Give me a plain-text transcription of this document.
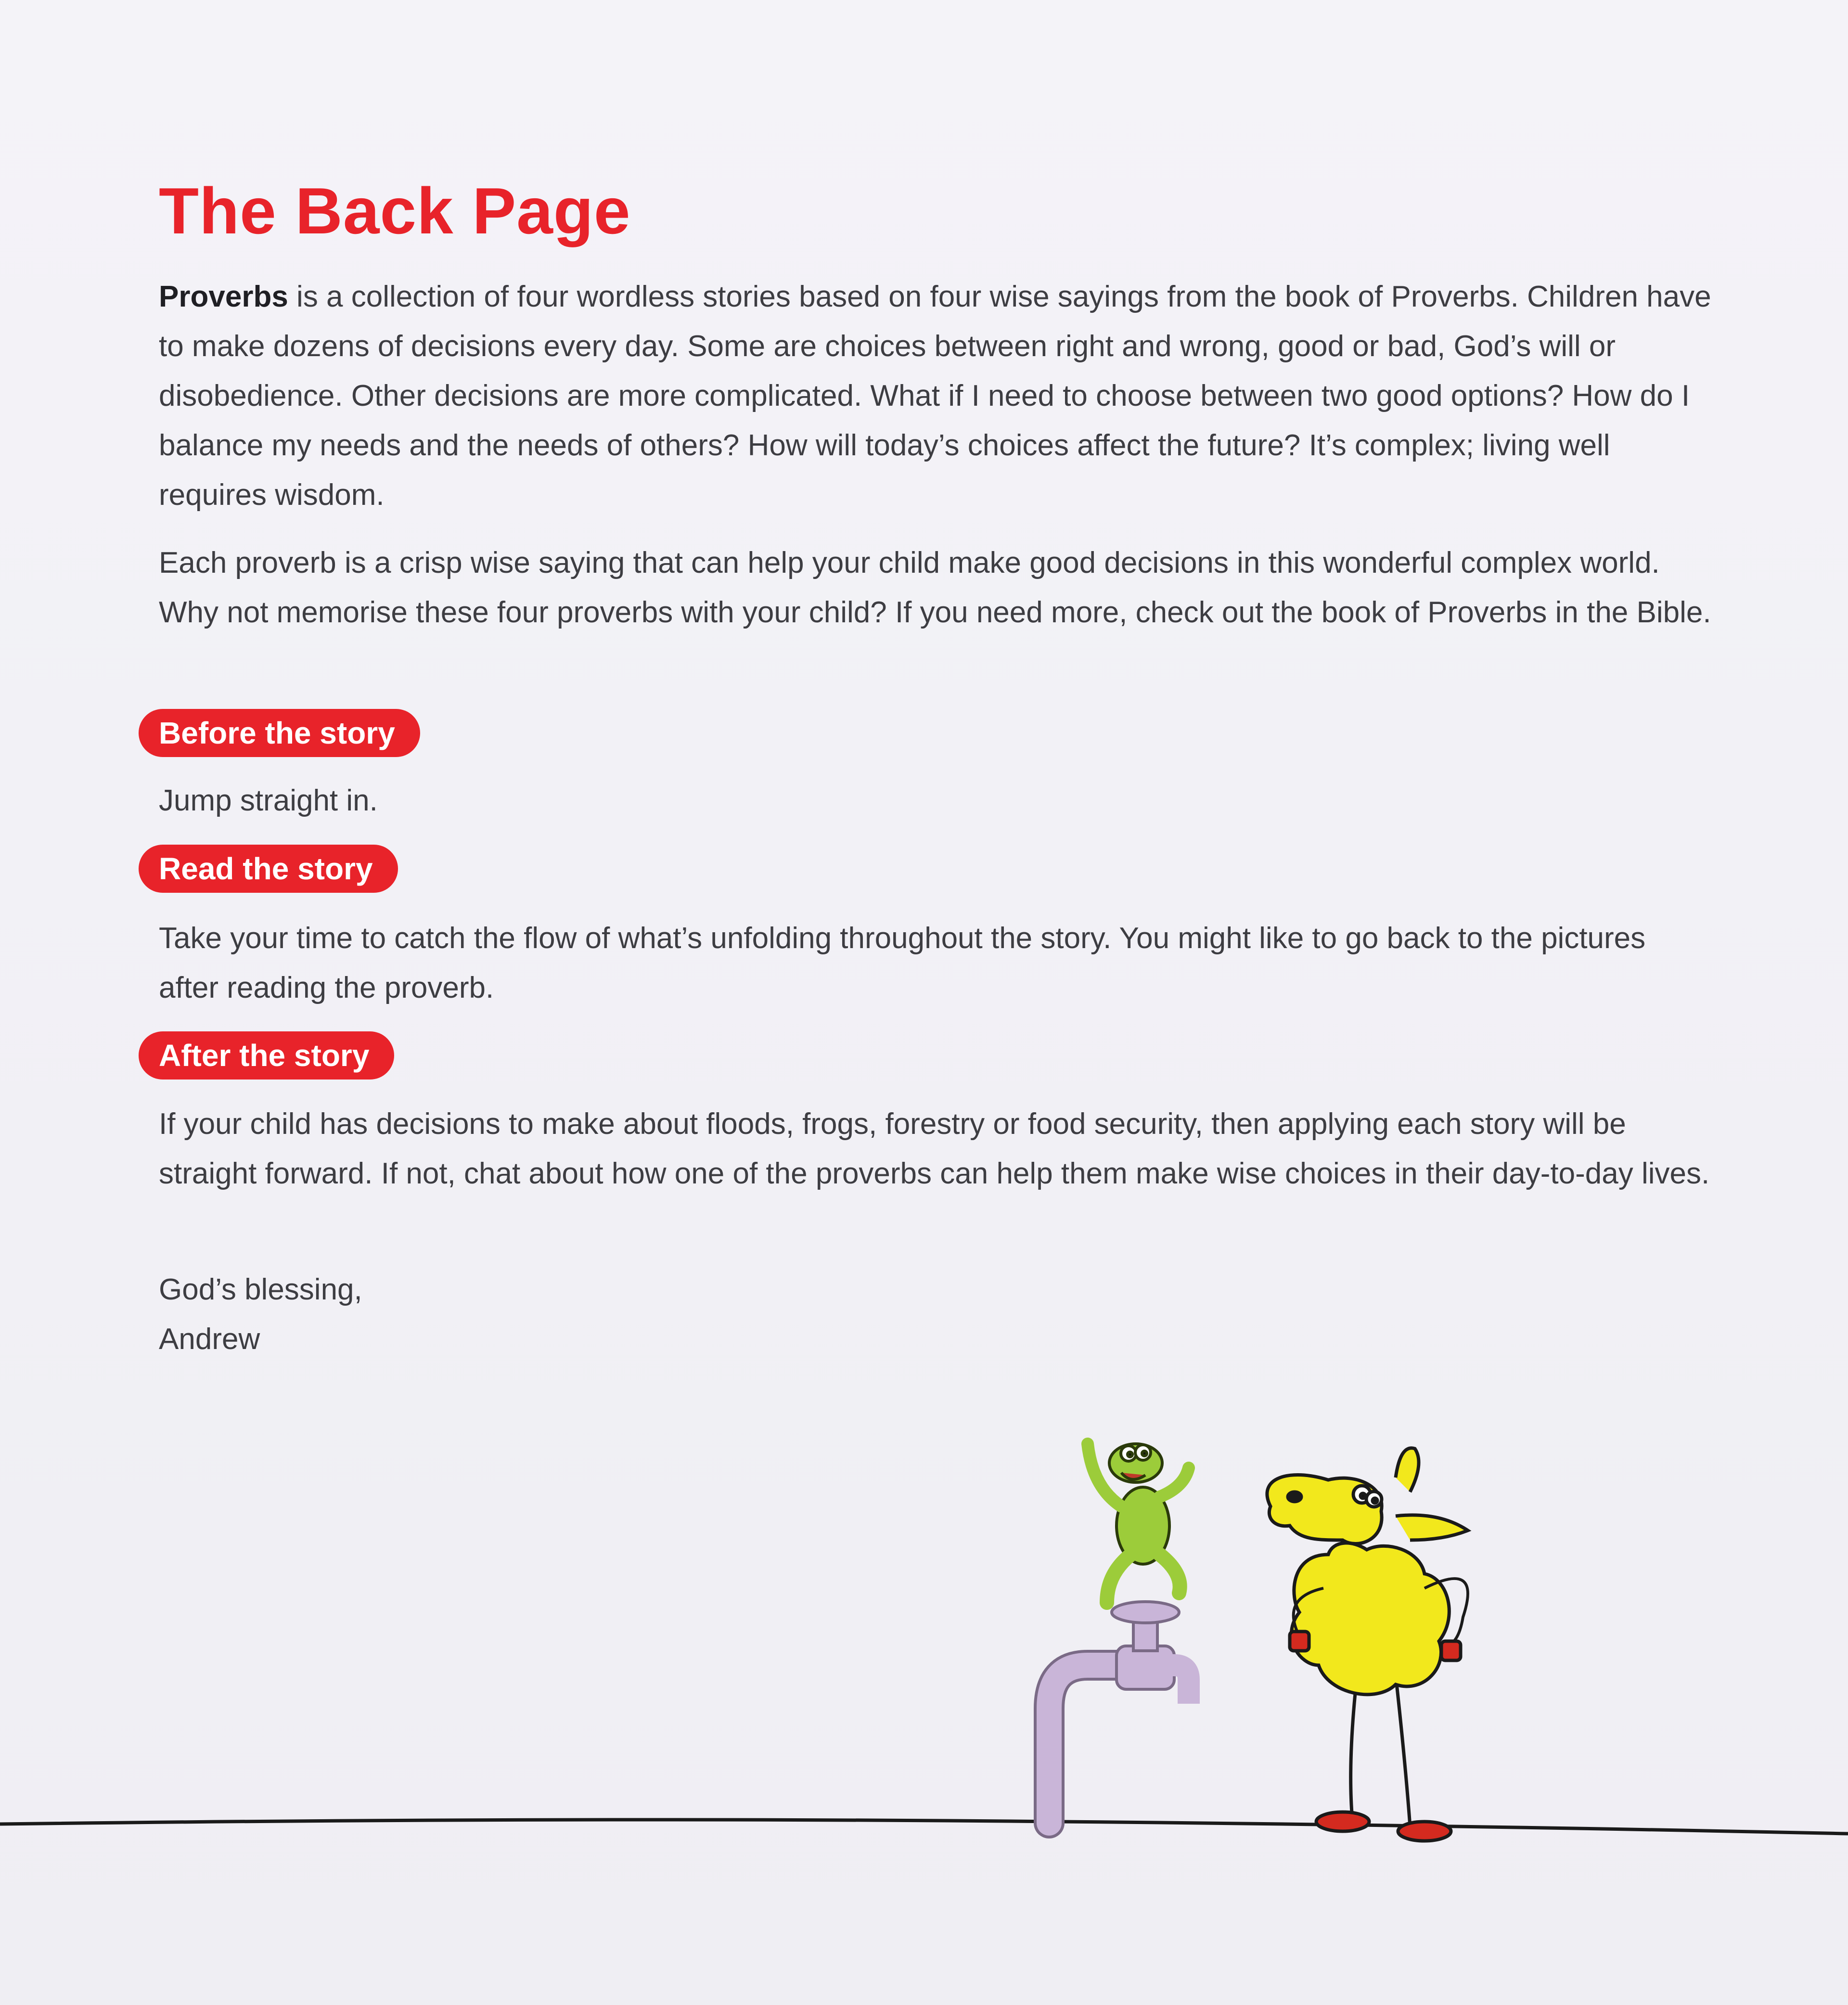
The Back Page

Proverbs is a collection of four wordless stories based on four wise sayings from the book of Proverbs. Children have to make dozens of decisions every day. Some are choices between right and wrong, good or bad, God’s will or disobedience. Other decisions are more complicated. What if I need to choose between two good options? How do I balance my needs and the needs of others? How will today’s choices affect the future? It’s complex; living well requires wisdom.

Each proverb is a crisp wise saying that can help your child make good decisions in this wonderful complex world. Why not memorise these four proverbs with your child? If you need more, check out the book of Proverbs in the Bible.

Before the story

Jump straight in.

Read the story

Take your time to catch the flow of what’s unfolding throughout the story. You might like to go back to the pictures after reading the proverb.

After the story

If your child has decisions to make about floods, frogs, forestry or food security, then applying each story will be straight forward. If not, chat about how one of the proverbs can help them make wise choices in their day-to-day lives.

God’s blessing,

Andrew
